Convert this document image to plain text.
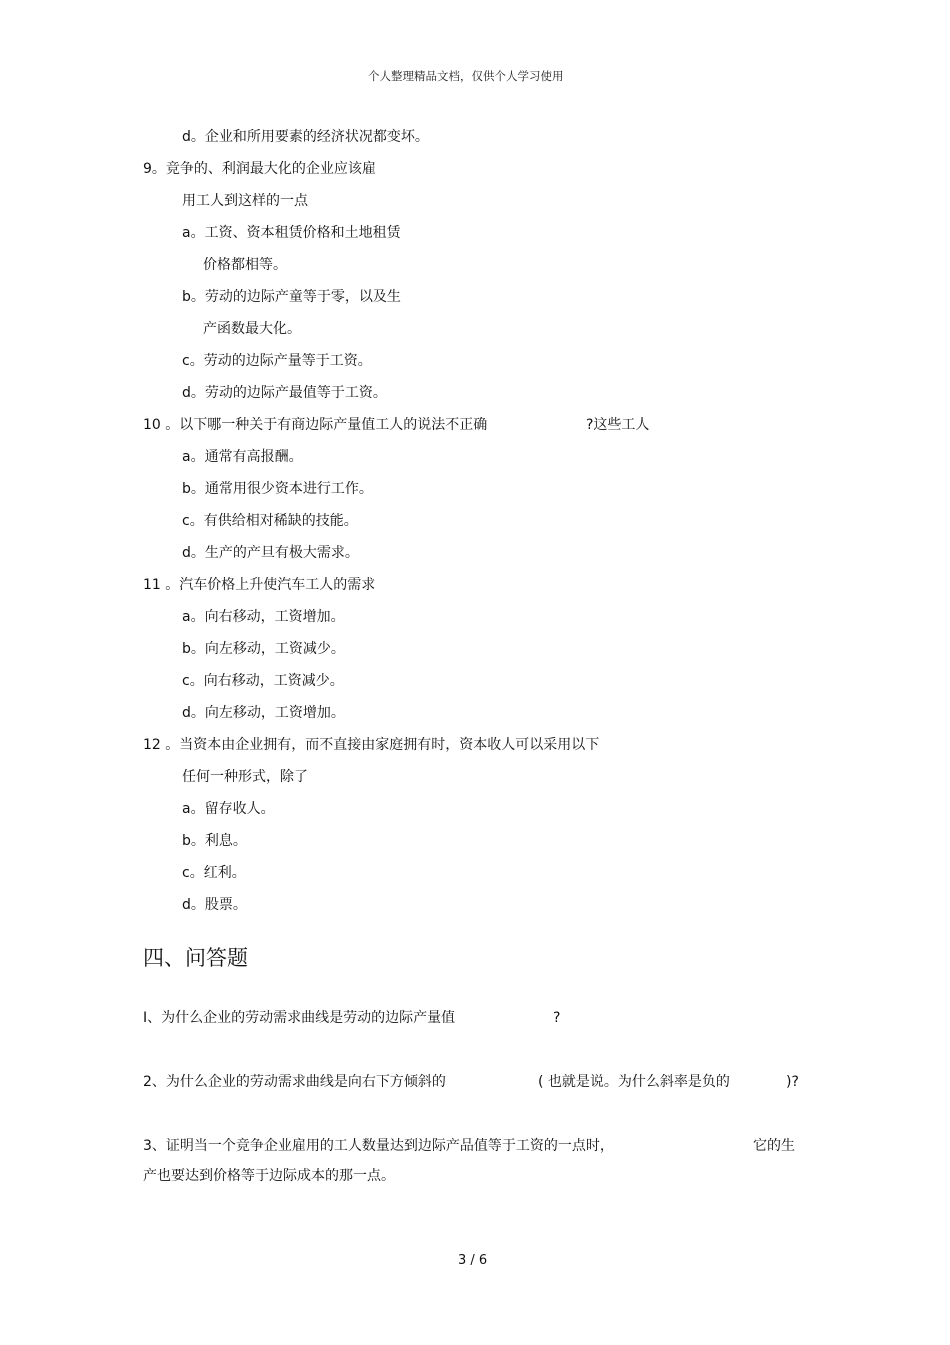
个人整理精品文档，仅供个人学习使用
d。企业和所用要素的经济状况都变坏。
9。竞争的、利润最大化的企业应该雇
用工人到这样的一点
a。工资、资本租赁价格和土地租赁
价格都相等。
b。劳动的边际产童等于零，以及生
产函数最大化。
c。劳动的边际产量等于工资。
d。劳动的边际产最值等于工资。
10 。以下哪一种关于有商边际产量值工人的说法不正确	?这些工人
a。通常有高报酬。
b。通常用很少资本进行工作。
c。有供给相对稀缺的技能。
d。生产的产旦有极大需求。
11 。汽车价格上升使汽车工人的需求
a。向右移动，工资增加。
b。向左移动，工资减少。
c。向右移动，工资减少。
d。向左移动，工资增加。
12 。当资本由企业拥有，而不直接由家庭拥有时，资本收人可以采用以下
任何一种形式，除了
a。留存收人。
b。利息。
c。红利。
d。股票。
四、问答题
I、为什么企业的劳动需求曲线是劳动的边际产量值	?
2、为什么企业的劳动需求曲线是向右下方倾斜的	( 也就是说。为什么斜率是负的	)?
3、证明当一个竞争企业雇用的工人数量达到边际产品值等于工资的一点时，	它的生
产也要达到价格等于边际成本的那一点。
3 / 6
